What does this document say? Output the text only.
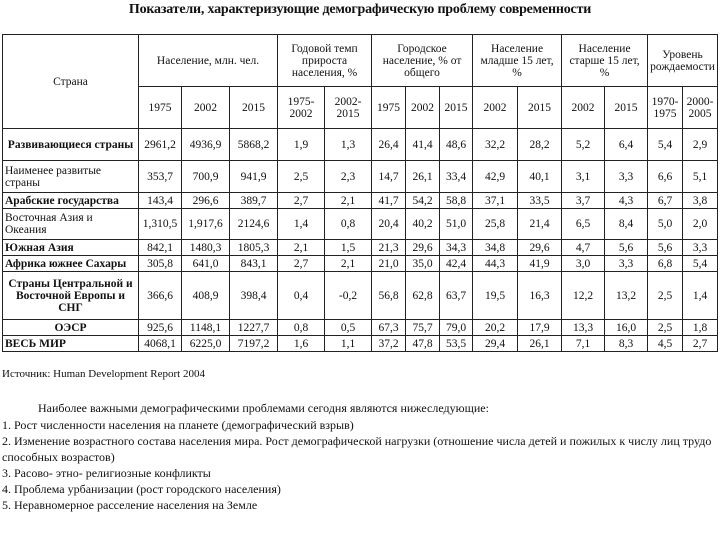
Показатели, характеризующие демографическую проблему современности
Страна	Население, млн. чел.			Годовой темп прироста населения, %		Городское население, % от общего			Население младше 15 лет, %		Население старше 15 лет, %		Уровень рождаемости	
	1975	2002	2015	1975-2002	2002-2015	1975	2002	2015	2002	2015	2002	2015	1970-1975	2000-2005
Развивающиеся страны	2961,2	4936,9	5868,2	1,9	1,3	26,4	41,4	48,6	32,2	28,2	5,2	6,4	5,4	2,9
Наименее развитые страны	353,7	700,9	941,9	2,5	2,3	14,7	26,1	33,4	42,9	40,1	3,1	3,3	6,6	5,1
Арабские государства	143,4	296,6	389,7	2,7	2,1	41,7	54,2	58,8	37,1	33,5	3,7	4,3	6,7	3,8
Восточная Азия и Океания	1,310,5	1,917,6	2124,6	1,4	0,8	20,4	40,2	51,0	25,8	21,4	6,5	8,4	5,0	2,0
Южная Азия	842,1	1480,3	1805,3	2,1	1,5	21,3	29,6	34,3	34,8	29,6	4,7	5,6	5,6	3,3
Африка южнее Сахары	305,8	641,0	843,1	2,7	2,1	21,0	35,0	42,4	44,3	41,9	3,0	3,3	6,8	5,4
Страны Центральной и Восточной Европы и СНГ	366,6	408,9	398,4	0,4	-0,2	56,8	62,8	63,7	19,5	16,3	12,2	13,2	2,5	1,4
ОЭСР	925,6	1148,1	1227,7	0,8	0,5	67,3	75,7	79,0	20,2	17,9	13,3	16,0	2,5	1,8
ВЕСЬ МИР	4068,1	6225,0	7197,2	1,6	1,1	37,2	47,8	53,5	29,4	26,1	7,1	8,3	4,5	2,7
Источник: Human Development Report 2004
Наиболее важными демографическими проблемами сегодня являются нижеследующие:
1. Рост численности населения на планете (демографический взрыв)
2. Изменение возрастного состава населения мира. Рост демографической нагрузки (отношение числа детей и пожилых к числу лиц трудо
способных возрастов)
3. Расово- этно- религиозные конфликты
4. Проблема урбанизации (рост городского населения)
5. Неравномерное расселение населения на Земле
